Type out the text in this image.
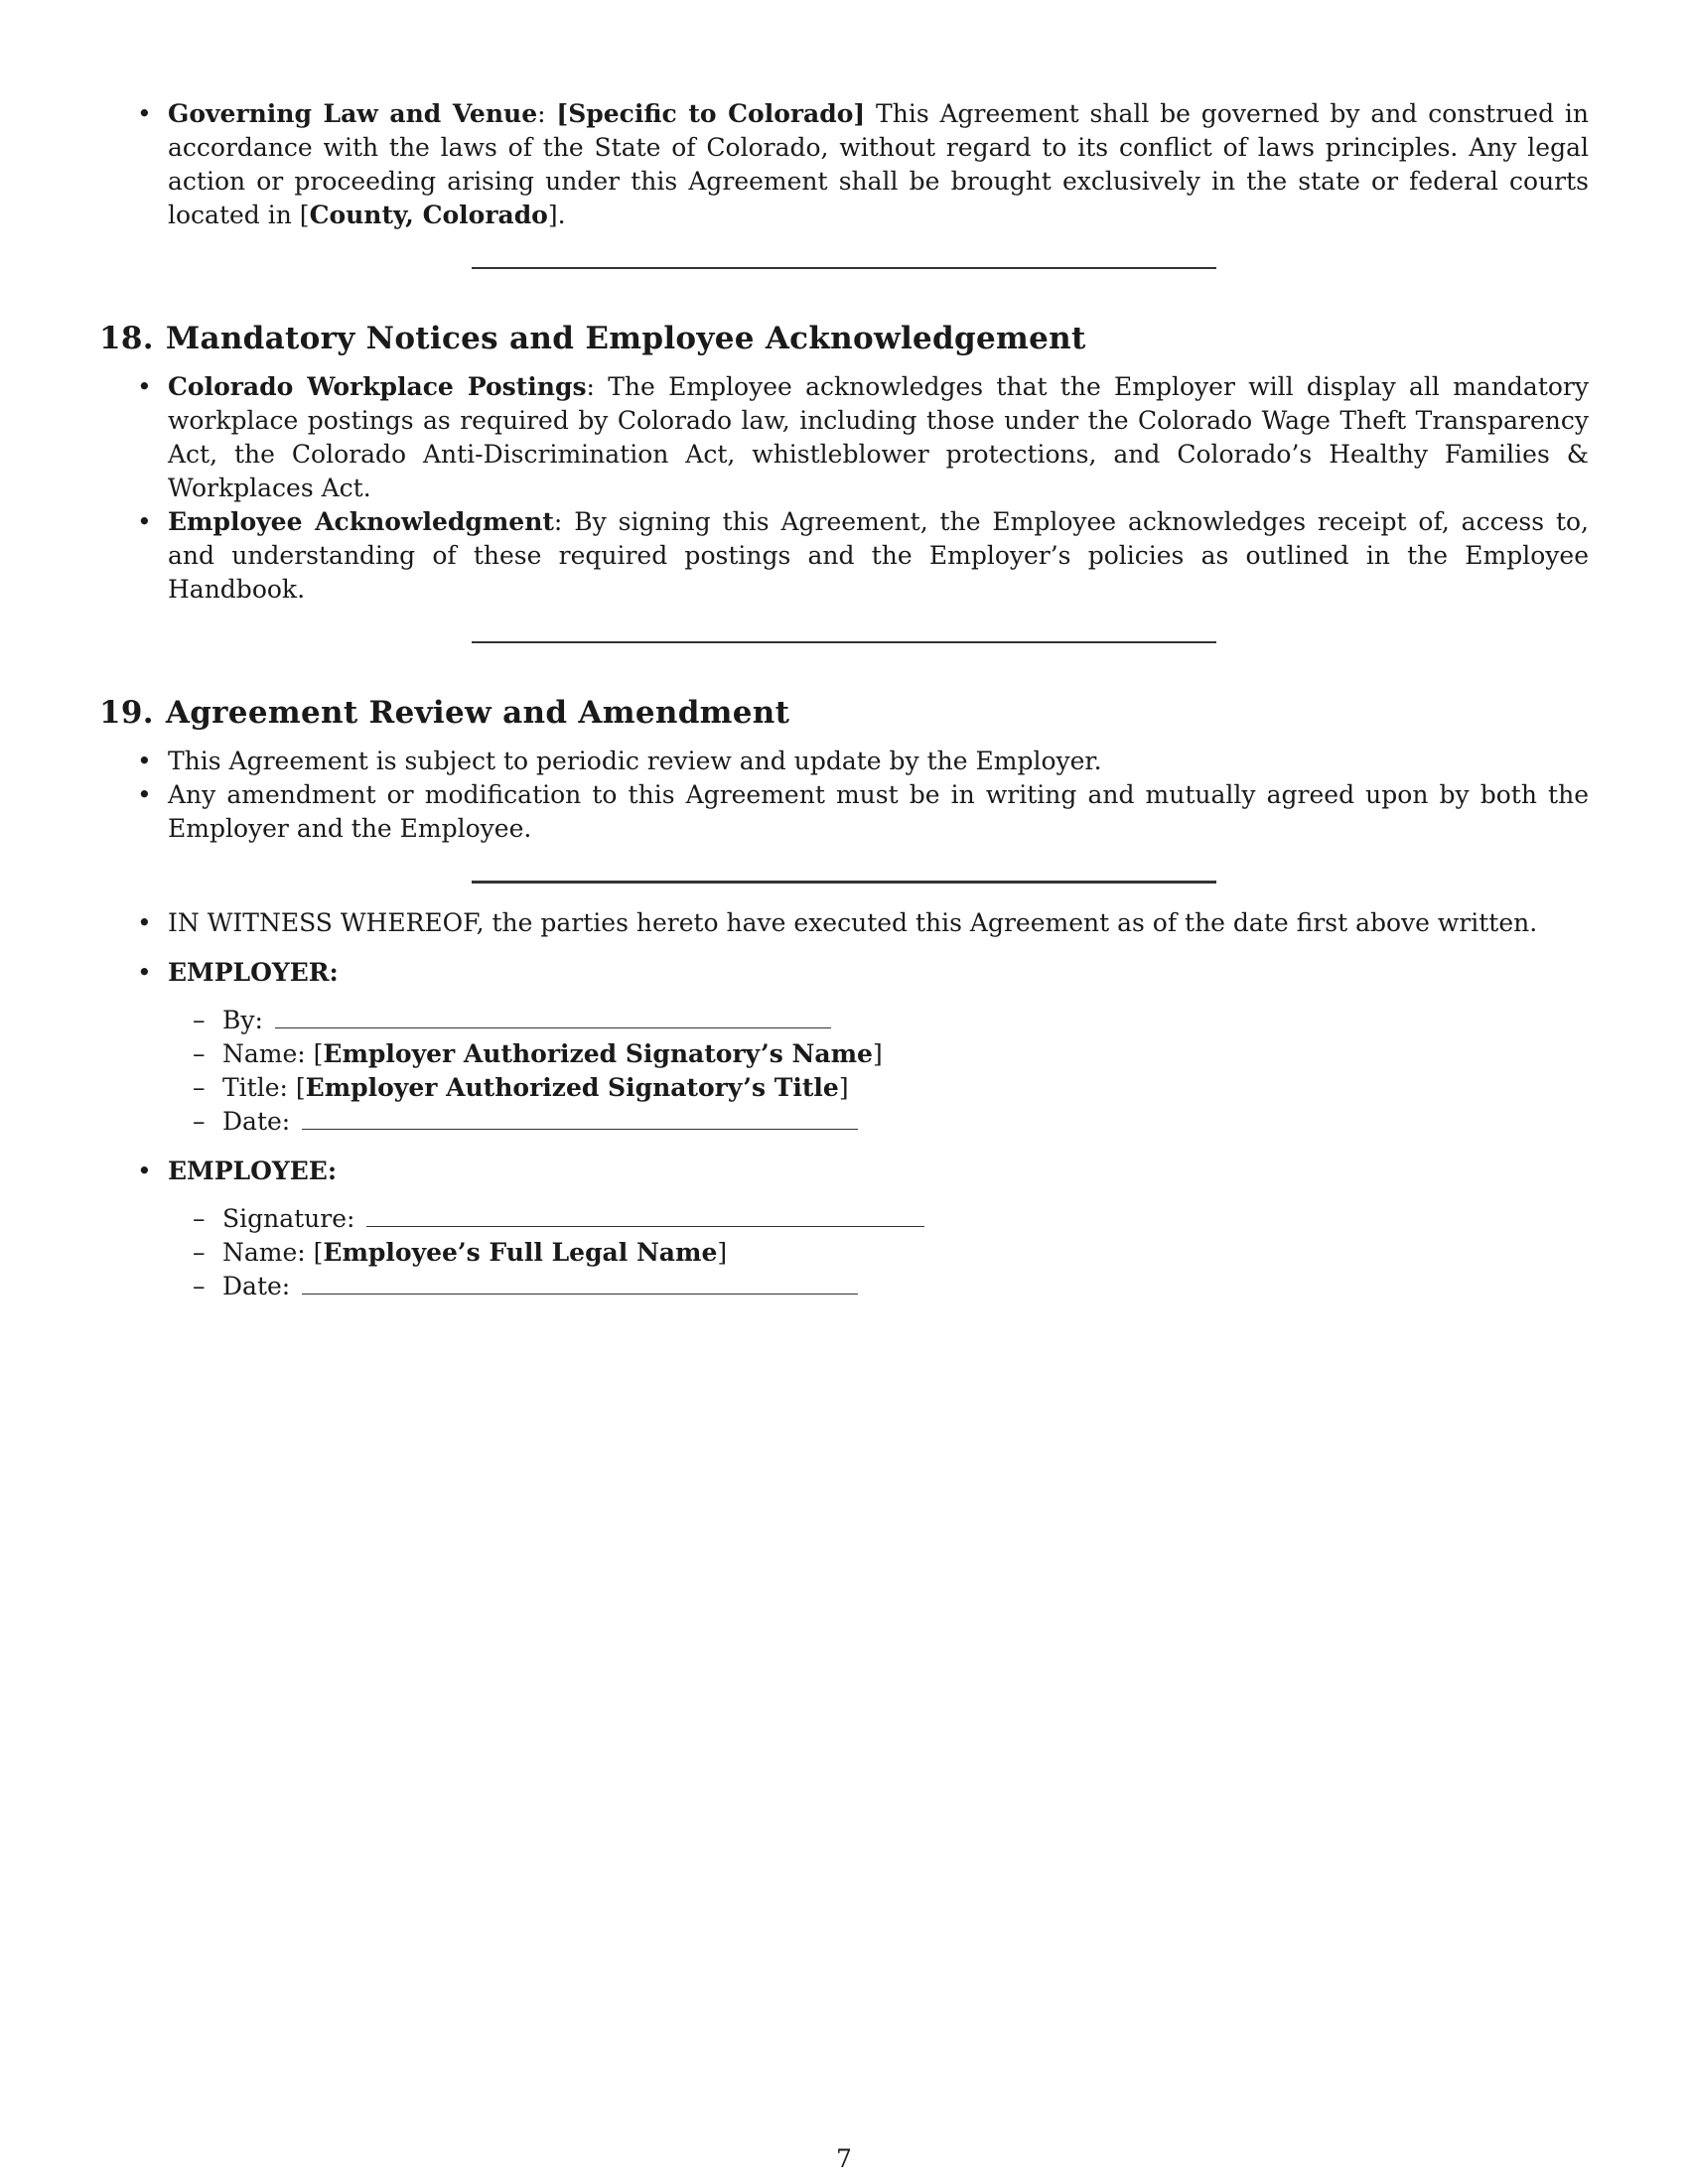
• Governing Law and Venue: [Specific to Colorado] This Agreement shall be governed by and construed in accordance with the laws of the State of Colorado, without regard to its conflict of laws principles. Any legal action or proceeding arising under this Agreement shall be brought exclusively in the state or federal courts located in [County, Colorado].
18. Mandatory Notices and Employee Acknowledgement
• Colorado Workplace Postings: The Employee acknowledges that the Employer will display all mandatory workplace postings as required by Colorado law, including those under the Colorado Wage Theft Transparency Act, the Colorado Anti-Discrimination Act, whistleblower protections, and Colorado’s Healthy Families & Workplaces Act.
• Employee Acknowledgment: By signing this Agreement, the Employee acknowledges receipt of, access to, and understanding of these required postings and the Employer’s policies as outlined in the Employee Handbook.
19. Agreement Review and Amendment
• This Agreement is subject to periodic review and update by the Employer.
• Any amendment or modification to this Agreement must be in writing and mutually agreed upon by both the Employer and the Employee.
• IN WITNESS WHEREOF, the parties hereto have executed this Agreement as of the date first above written.
• EMPLOYER:
– By:
– Name: [Employer Authorized Signatory’s Name]
– Title: [Employer Authorized Signatory’s Title]
– Date:
• EMPLOYEE:
– Signature:
– Name: [Employee’s Full Legal Name]
– Date:
7
